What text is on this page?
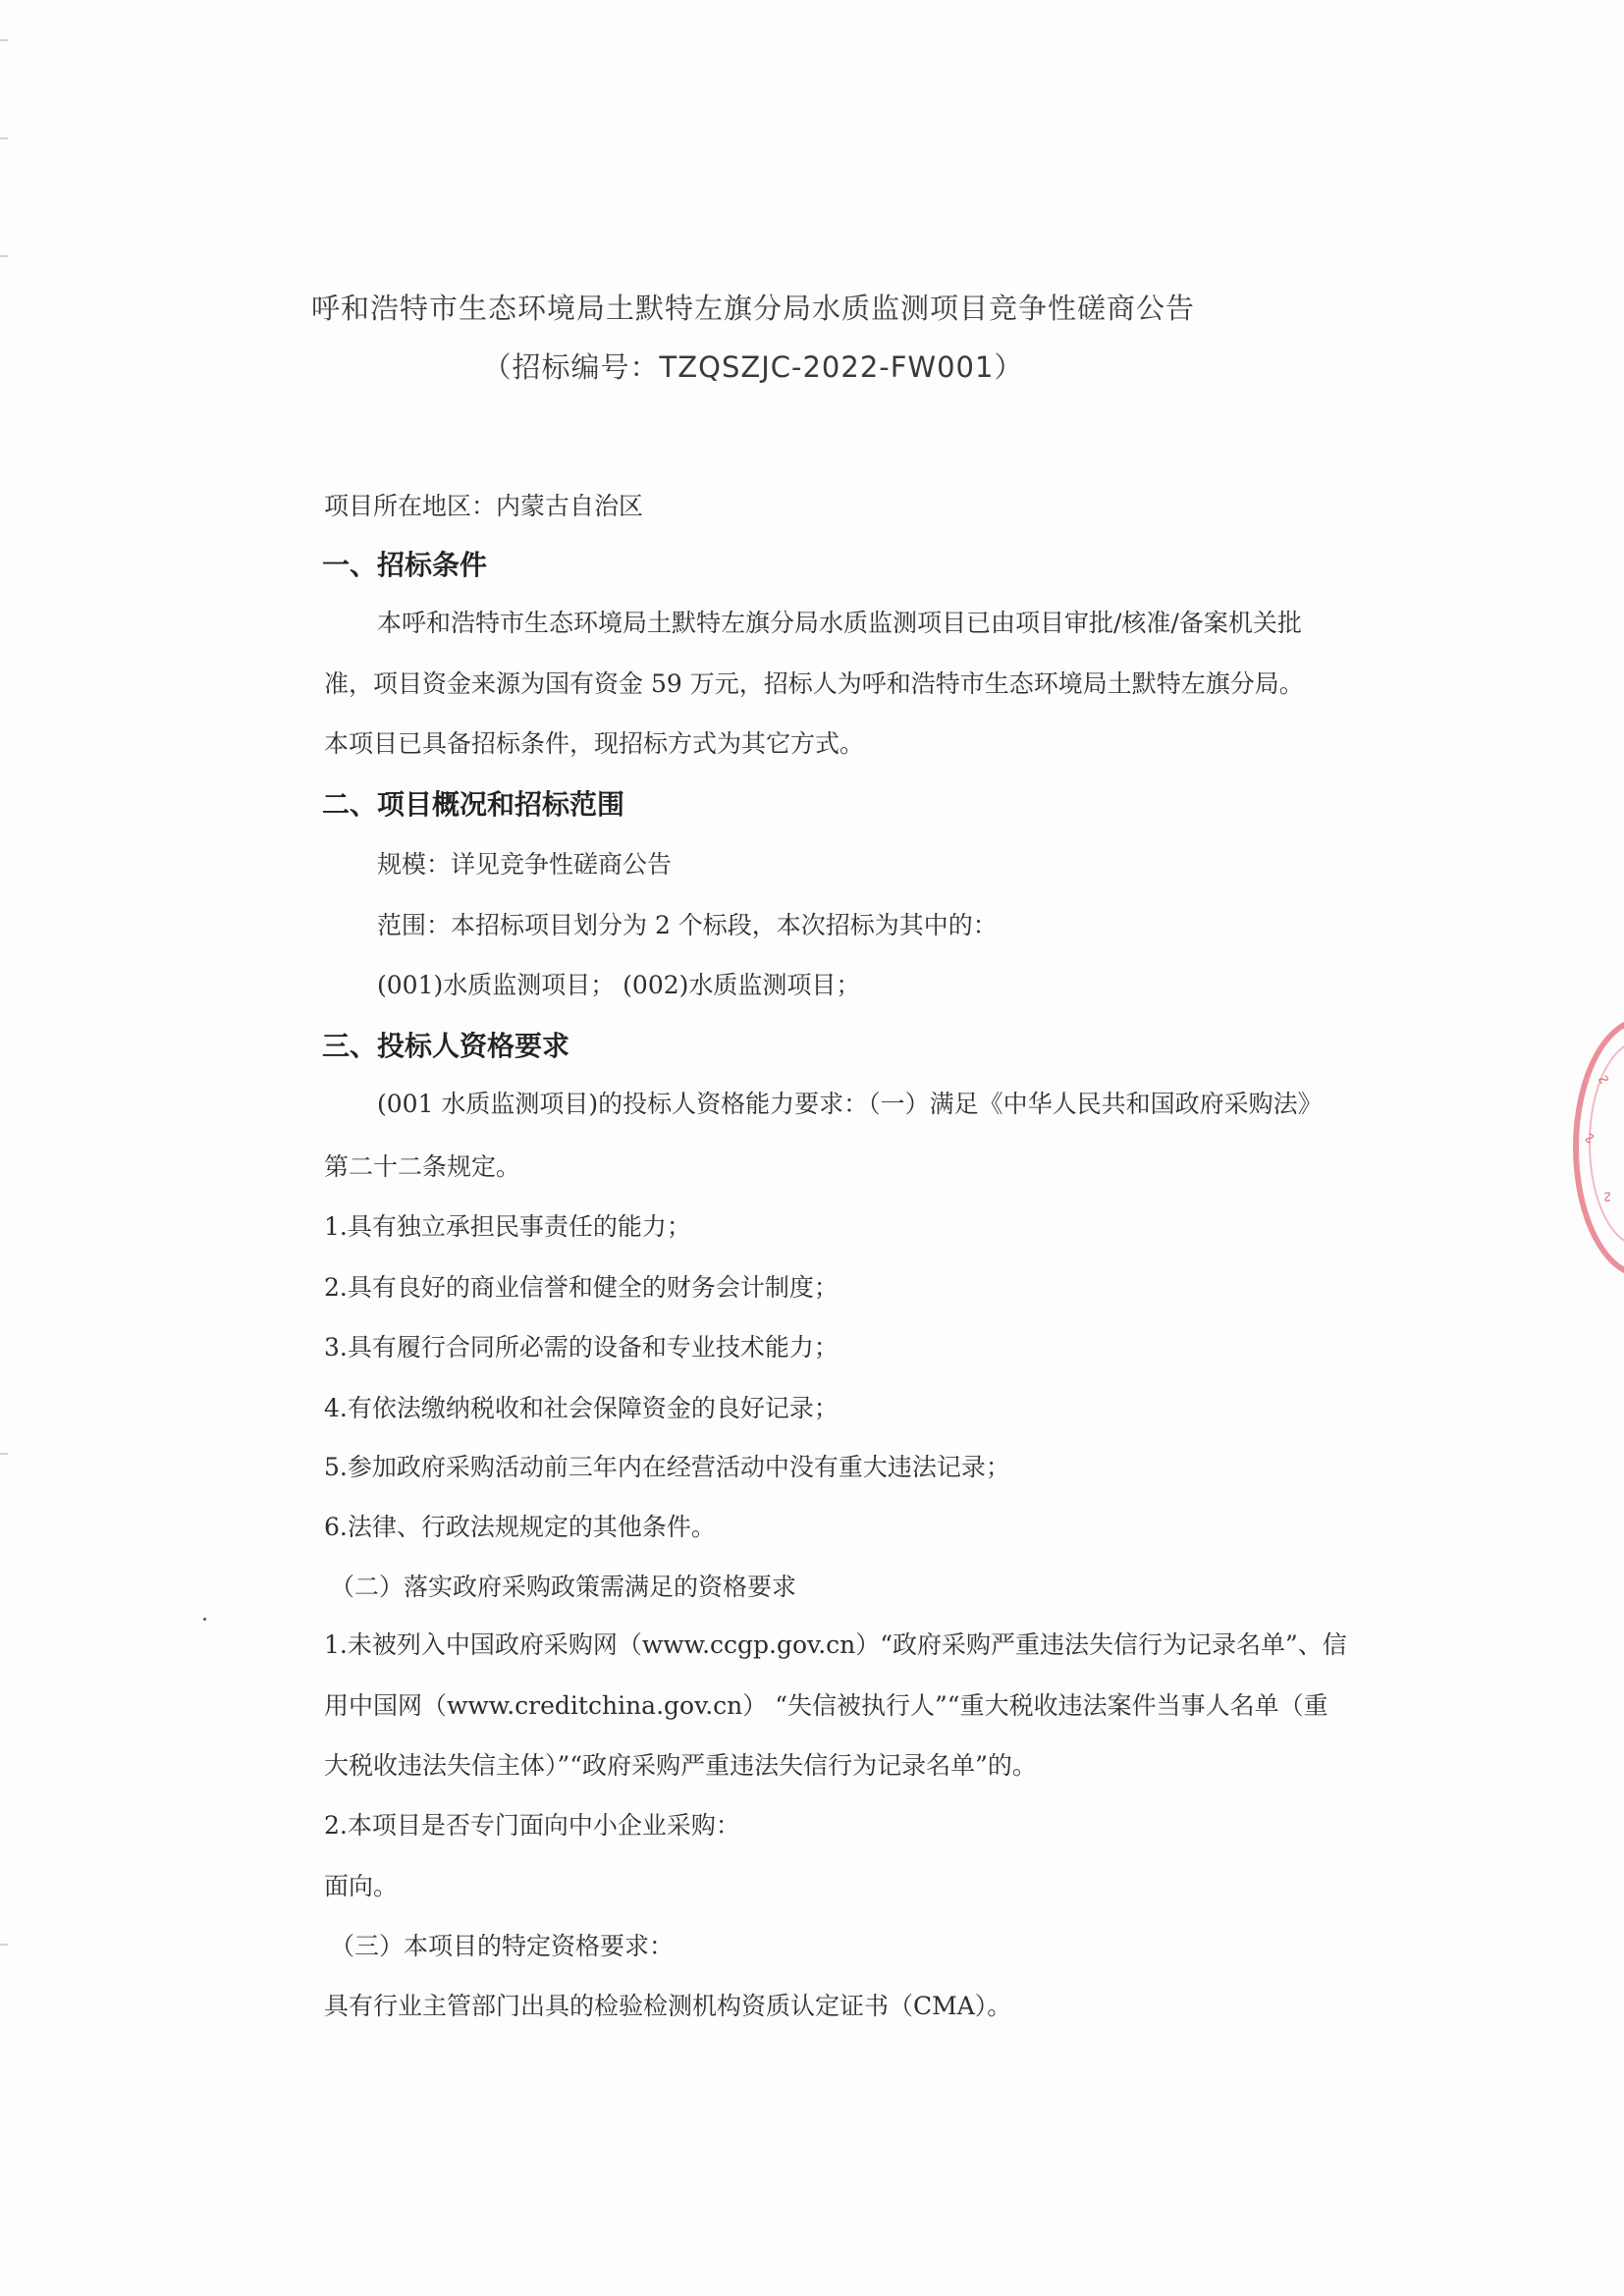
呼和浩特市生态环境局土默特左旗分局水质监测项目竞争性磋商公告
（招标编号：TZQSZJC-2022-FW001）
项目所在地区：内蒙古自治区
一、招标条件
本呼和浩特市生态环境局土默特左旗分局水质监测项目已由项目审批/核准/备案机关批
准，项目资金来源为国有资金 59 万元，招标人为呼和浩特市生态环境局土默特左旗分局。
本项目已具备招标条件，现招标方式为其它方式。
二、项目概况和招标范围
规模：详见竞争性磋商公告
范围：本招标项目划分为 2 个标段，本次招标为其中的：
(001)水质监测项目； (002)水质监测项目；
三、投标人资格要求
(001 水质监测项目)的投标人资格能力要求：（一）满足《中华人民共和国政府采购法》
第二十二条规定。
1.具有独立承担民事责任的能力；
2.具有良好的商业信誉和健全的财务会计制度；
3.具有履行合同所必需的设备和专业技术能力；
4.有依法缴纳税收和社会保障资金的良好记录；
5.参加政府采购活动前三年内在经营活动中没有重大违法记录；
6.法律、行政法规规定的其他条件。
（二）落实政府采购政策需满足的资格要求
1.未被列入中国政府采购网（www.ccgp.gov.cn）“政府采购严重违法失信行为记录名单”、信
用中国网（www.creditchina.gov.cn） “失信被执行人”“重大税收违法案件当事人名单（重
大税收违法失信主体）”“政府采购严重违法失信行为记录名单”的。
2.本项目是否专门面向中小企业采购：
面向。
（三）本项目的特定资格要求：
具有行业主管部门出具的检验检测机构资质认定证书（CMA）。
∿
∿
∿
